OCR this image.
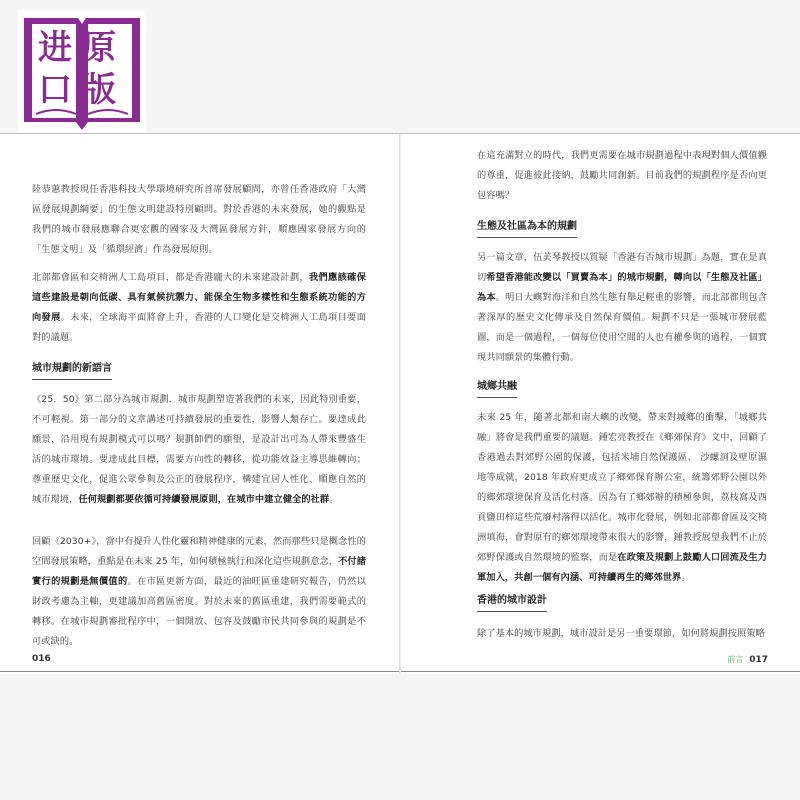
进原
口版

陸恭蕙教授現任香港科技大學環境研究所首席發展顧問，亦曾任香港政府「大灣區發展規劃綱要」的生態文明建設特別顧問。對於香港的未來發展，她的觀點是我們的城市發展應聯合更宏觀的國家及大灣區發展方針，順應國家發展方向的「生態文明」及「循環經濟」作為發展原則。

北部都會區和交椅洲人工島項目，都是香港龐大的未來建設計劃，我們應該確保這些建設是朝向低碳、具有氣候抗禦力、能保全生物多樣性和生態系統功能的方向發展。未來，全球海平面將會上升，香港的人口變化是交椅洲人工島項目要面對的議題。

城市規劃的新語言

《25．50》第二部分為城市規劃．城市規劃塑造著我們的未來，因此特別重要，不可輕視。第一部分的文章講述可持續發展的重要性，影響人類存亡。要達成此願景，沿用現有規劃模式可以嗎？規劃師們的願望，是設計出可為人帶來豐盛生活的城市環境。要達成此目標，需要方向性的轉移，從功能效益主導思維轉向；尊重歷史文化，促進公眾參與及公正的發展程序，構建宜居人性化、順應自然的城市環境，任何規劃都要依循可持續發展原則，在城市中建立健全的社群。

回顧《2030+》，當中有提升人性化靈和精神健康的元素，然而那些只是概念性的空間發展策略，重點是在未來 25 年，如何積極執行和深化這些規劃意念，不付諸實行的規劃是無價值的。在市區更新方面，最近的油旺區重建研究報告，仍然以財政考慮為主軸，更建議加高舊區密度。對於未來的舊區重建，我們需要範式的轉移。在城市規劃審批程序中，一個開放、包容及鼓勵市民共同參與的規劃是不可或缺的。

016

在這充滿對立的時代，我們更需要在城市規劃過程中表現對個人價值觀的尊重，促進彼此接納，鼓勵共同創新。目前我們的規劃程序是否向更包容嗎？

生態及社區為本的規劃

另一篇文章，伍美琴教授以質疑「香港有否城市規劃」為題，實在是真切希望香港能改變以「買賣為本」的城市規劃，轉向以「生態及社區」為本。明日大嶼對海洋和自然生態有舉足輕重的影響，而北部都則包含著深厚的歷史文化傳承及自然保育價值。規劃不只是一張城市發展藍圖，而是一個過程，一個每位使用空間的人也有權參與的過程，一個實現共同願景的集體行動。

城鄉共融

未來 25 年，隨著北都和南大嶼的改變，帶來對城鄉的衝擊，「城鄉共融」將會是我們重要的議題。鍾宏亮教授在《鄉郊保育》文中，回顧了香港過去對郊野公園的保護，包括米埔自然保護區、 沙螺洞及壁原濕地等成就，2018 年政府更成立了鄉郊保育辦公室，統籌郊野公園以外的鄉郊環境保育及活化村落。因為有了鄉郊辦的積極參與，荔枝窩及西貢鹽田梓這些荒廢村落得以活化。城市化發展，例如北部都會區及交椅洲填海，會對原有的鄉郊環境帶來很大的影響，鍾教授展望我們不止於郊野保護或自然環境的監察，而是在政策及規劃上鼓勵人口回流及生力軍加入，共創一個有內涵、可持續再生的鄉郊世界。

香港的城市設計

除了基本的城市規劃，城市設計是另一重要環節，如何將規劃按照策略

前言 017
